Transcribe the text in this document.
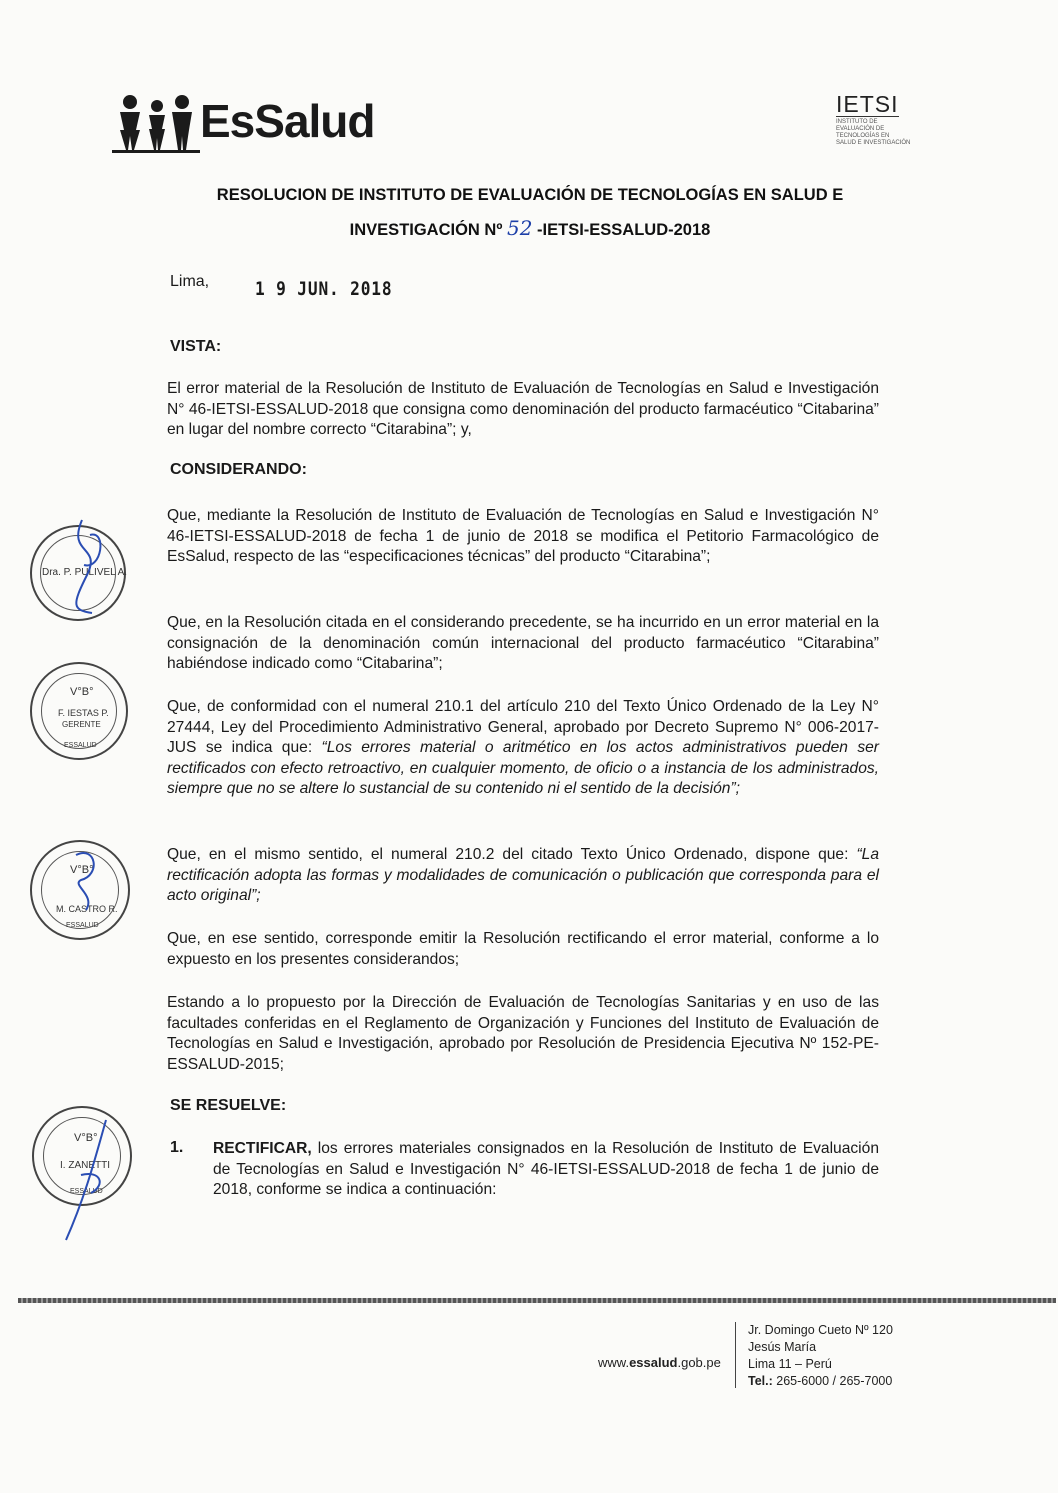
EsSalud	IETSI
INSTITUTO DE EVALUACIÓN DE TECNOLOGÍAS EN SALUD E INVESTIGACIÓN
RESOLUCION DE INSTITUTO DE EVALUACIÓN DE TECNOLOGÍAS EN SALUD E
INVESTIGACIÓN Nº 52 -IETSI-ESSALUD-2018
Lima, 1 9 JUN. 2018
VISTA:
El error material de la Resolución de Instituto de Evaluación de Tecnologías en Salud e Investigación N° 46-IETSI-ESSALUD-2018 que consigna como denominación del producto farmacéutico “Citabarina” en lugar del nombre correcto “Citarabina”; y,
CONSIDERANDO:
Que, mediante la Resolución de Instituto de Evaluación de Tecnologías en Salud e Investigación N° 46-IETSI-ESSALUD-2018 de fecha 1 de junio de 2018 se modifica el Petitorio Farmacológico de EsSalud, respecto de las “especificaciones técnicas” del producto “Citarabina”;
Que, en la Resolución citada en el considerando precedente, se ha incurrido en un error material en la consignación de la denominación común internacional del producto farmacéutico “Citarabina” habiéndose indicado como “Citabarina”;
Que, de conformidad con el numeral 210.1 del artículo 210 del Texto Único Ordenado de la Ley N° 27444, Ley del Procedimiento Administrativo General, aprobado por Decreto Supremo N° 006-2017-JUS se indica que: “Los errores material o aritmético en los actos administrativos pueden ser rectificados con efecto retroactivo, en cualquier momento, de oficio o a instancia de los administrados, siempre que no se altere lo sustancial de su contenido ni el sentido de la decisión”;
Que, en el mismo sentido, el numeral 210.2 del citado Texto Único Ordenado, dispone que: “La rectificación adopta las formas y modalidades de comunicación o publicación que corresponda para el acto original”;
Que, en ese sentido, corresponde emitir la Resolución rectificando el error material, conforme a lo expuesto en los presentes considerandos;
Estando a lo propuesto por la Dirección de Evaluación de Tecnologías Sanitarias y en uso de las facultades conferidas en el Reglamento de Organización y Funciones del Instituto de Evaluación de Tecnologías en Salud e Investigación, aprobado por Resolución de Presidencia Ejecutiva Nº 152-PE-ESSALUD-2015;
SE RESUELVE:
1. RECTIFICAR, los errores materiales consignados en la Resolución de Instituto de Evaluación de Tecnologías en Salud e Investigación N° 46-IETSI-ESSALUD-2018 de fecha 1 de junio de 2018, conforme se indica a continuación:
Dra. P. PULIVEL A.
V°B°
F. IESTAS P.
GERENTE
ESSALUD
V°B°
M. CASTRO R.
ESSALUD
V°B°
I. ZANETTI
ESSALUD
www.essalud.gob.pe
Jr. Domingo Cueto Nº 120
Jesús María
Lima 11 – Perú
Tel.: 265-6000 / 265-7000
